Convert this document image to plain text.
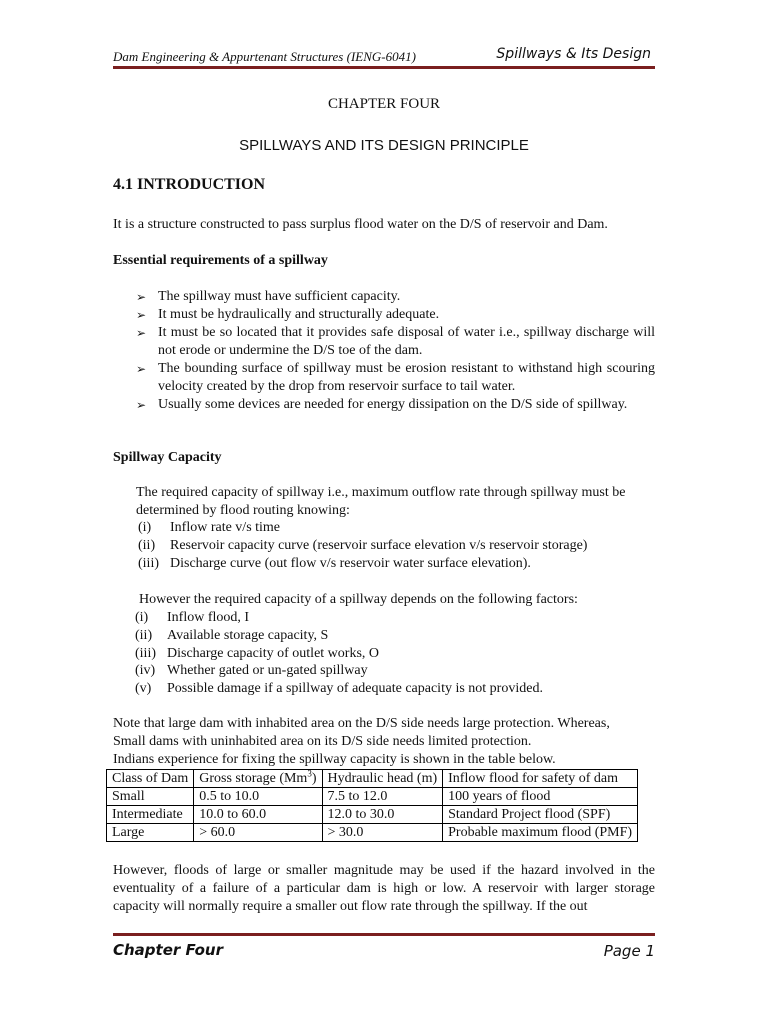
Dam Engineering & Appurtenant Structures (IENG-6041)	Spillways & Its Design
CHAPTER FOUR
SPILLWAYS AND ITS DESIGN PRINCIPLE
4.1 INTRODUCTION
It is a structure constructed to pass surplus flood water on the D/S of reservoir and Dam.
Essential requirements of a spillway
➢ The spillway must have sufficient capacity.
➢ It must be hydraulically and structurally adequate.
➢ It must be so located that it provides safe disposal of water i.e., spillway discharge will not erode or undermine the D/S toe of the dam.
➢ The bounding surface of spillway must be erosion resistant to withstand high scouring velocity created by the drop from reservoir surface to tail water.
➢ Usually some devices are needed for energy dissipation on the D/S side of spillway.
Spillway Capacity
The required capacity of spillway i.e., maximum outflow rate through spillway must be determined by flood routing knowing:
(i) Inflow rate v/s time
(ii) Reservoir capacity curve (reservoir surface elevation v/s reservoir storage)
(iii) Discharge curve (out flow v/s reservoir water surface elevation).
However the required capacity of a spillway depends on the following factors:
(i) Inflow flood, I
(ii) Available storage capacity, S
(iii) Discharge capacity of outlet works, O
(iv) Whether gated or un-gated spillway
(v) Possible damage if a spillway of adequate capacity is not provided.
Note that large dam with inhabited area on the D/S side needs large protection. Whereas,
Small dams with uninhabited area on its D/S side needs limited protection.
Indians experience for fixing the spillway capacity is shown in the table below.
Class of Dam	Gross storage (Mm$^3$)	Hydraulic head (m)	Inflow flood for safety of dam
Small	0.5 to 10.0	7.5 to 12.0	100 years of flood
Intermediate	10.0 to 60.0	12.0 to 30.0	Standard Project flood (SPF)
Large	> 60.0	> 30.0	Probable maximum flood (PMF)
However, floods of large or smaller magnitude may be used if the hazard involved in the eventuality of a failure of a particular dam is high or low. A reservoir with larger storage capacity will normally require a smaller out flow rate through the spillway. If the out
Chapter Four	Page 1
